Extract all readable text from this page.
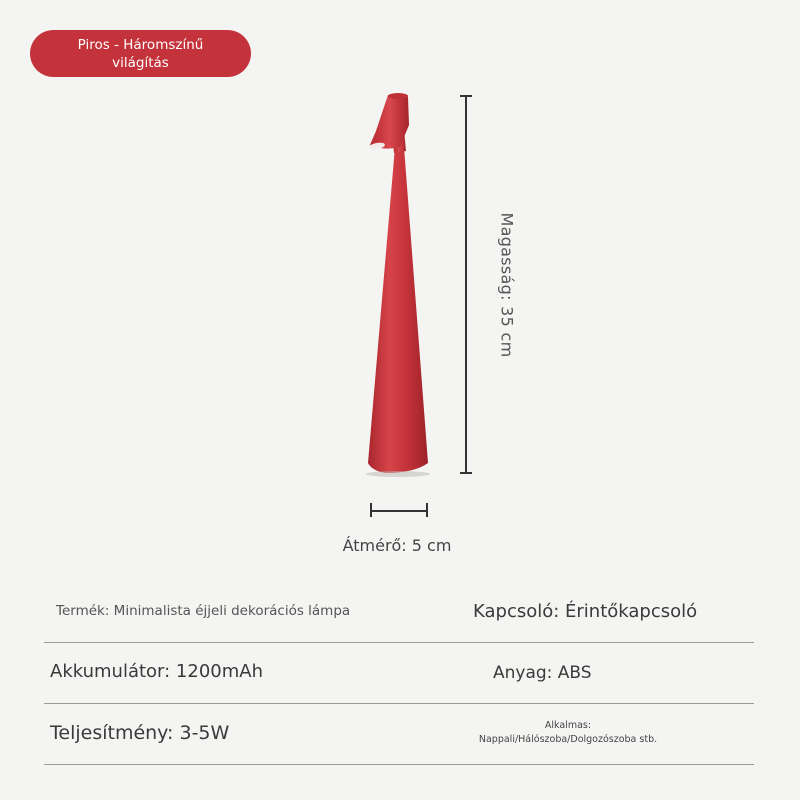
Piros - Háromszínű
világítás
Magasság: 35 cm
Átmérő: 5 cm
Termék: Minimalista éjjeli dekorációs lámpa	Kapcsoló: Érintőkapcsoló
Akkumulátor: 1200mAh	Anyag: ABS
Teljesítmény: 3-5W	Alkalmas:
Nappali/Hálószoba/Dolgozószoba stb.
